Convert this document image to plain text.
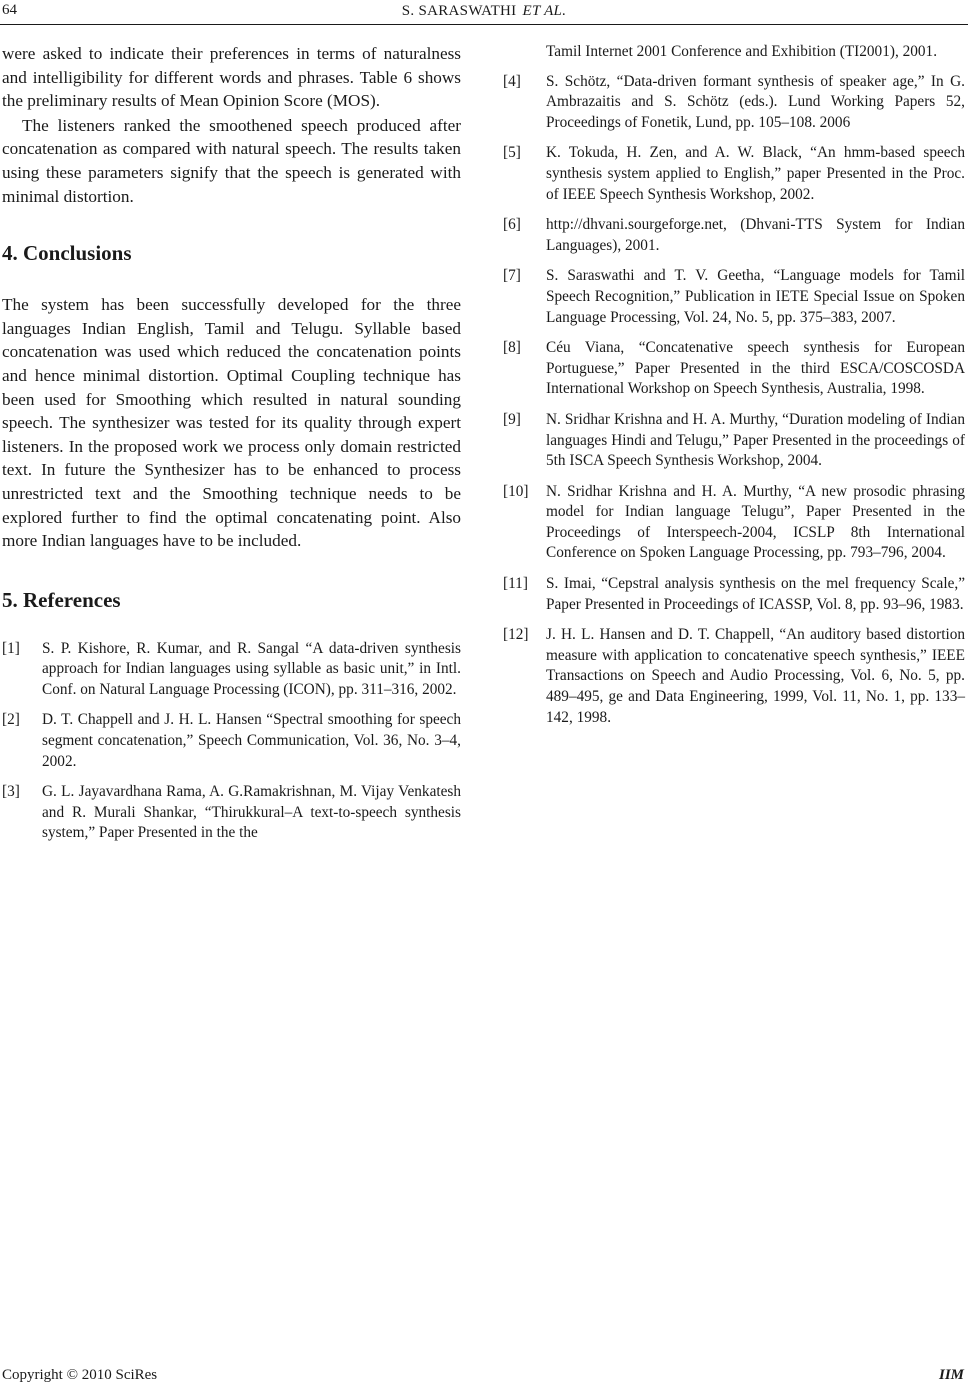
64	S. SARASWATHI ET AL.

were asked to indicate their preferences in terms of naturalness and intelligibility for different words and phrases. Table 6 shows the preliminary results of Mean Opinion Score (MOS).

The listeners ranked the smoothened speech produced after concatenation as compared with natural speech. The results taken using these parameters signify that the speech is generated with minimal distortion.

4. Conclusions

The system has been successfully developed for the three languages Indian English, Tamil and Telugu. Syllable based concatenation was used which reduced the concatenation points and hence minimal distortion. Optimal Coupling technique has been used for Smoothing which resulted in natural sounding speech. The synthesizer was tested for its quality through expert listeners. In the proposed work we process only domain restricted text. In future the Synthesizer has to be enhanced to process unrestricted text and the Smoothing technique needs to be explored further to find the optimal concatenating point. Also more Indian languages have to be included.

5. References
[1]	S. P. Kishore, R. Kumar, and R. Sangal “A data-driven synthesis approach for Indian languages using syllable as basic unit,” in Intl. Conf. on Natural Language Processing (ICON), pp. 311–316, 2002.
[2]	D. T. Chappell and J. H. L. Hansen “Spectral smoothing for speech segment concatenation,” Speech Communication, Vol. 36, No. 3–4, 2002.
[3]	G. L. Jayavardhana Rama, A. G.Ramakrishnan, M. Vijay Venkatesh and R. Murali Shankar, “Thirukkural–A text-to-speech synthesis system,” Paper Presented in the the
Tamil Internet 2001 Conference and Exhibition (TI2001), 2001.
[4]	S. Schötz, “Data-driven formant synthesis of speaker age,” In G. Ambrazaitis and S. Schötz (eds.). Lund Working Papers 52, Proceedings of Fonetik, Lund, pp. 105–108. 2006
[5]	K. Tokuda, H. Zen, and A. W. Black, “An hmm-based speech synthesis system applied to English,” paper Presented in the Proc. of IEEE Speech Synthesis Workshop, 2002.
[6]	http://dhvani.sourgeforge.net, (Dhvani-TTS System for Indian Languages), 2001.
[7]	S. Saraswathi and T. V. Geetha, “Language models for Tamil Speech Recognition,” Publication in IETE Special Issue on Spoken Language Processing, Vol. 24, No. 5, pp. 375–383, 2007.
[8]	Céu Viana, “Concatenative speech synthesis for European Portuguese,” Paper Presented in the third ESCA/COSCOSDA International Workshop on Speech Synthesis, Australia, 1998.
[9]	N. Sridhar Krishna and H. A. Murthy, “Duration modeling of Indian languages Hindi and Telugu,” Paper Presented in the proceedings of 5th ISCA Speech Synthesis Workshop, 2004.
[10]	N. Sridhar Krishna and H. A. Murthy, “A new prosodic phrasing model for Indian language Telugu”, Paper Presented in the Proceedings of Interspeech-2004, ICSLP 8th International Conference on Spoken Language Processing, pp. 793–796, 2004.
[11]	S. Imai, “Cepstral analysis synthesis on the mel frequency Scale,” Paper Presented in Proceedings of ICASSP, Vol. 8, pp. 93–96, 1983.
[12]	J. H. L. Hansen and D. T. Chappell, “An auditory based distortion measure with application to concatenative speech synthesis,” IEEE Transactions on Speech and Audio Processing, Vol. 6, No. 5, pp. 489–495, ge and Data Engineering, 1999, Vol. 11, No. 1, pp. 133–142, 1998.
Copyright © 2010 SciRes	IIM
